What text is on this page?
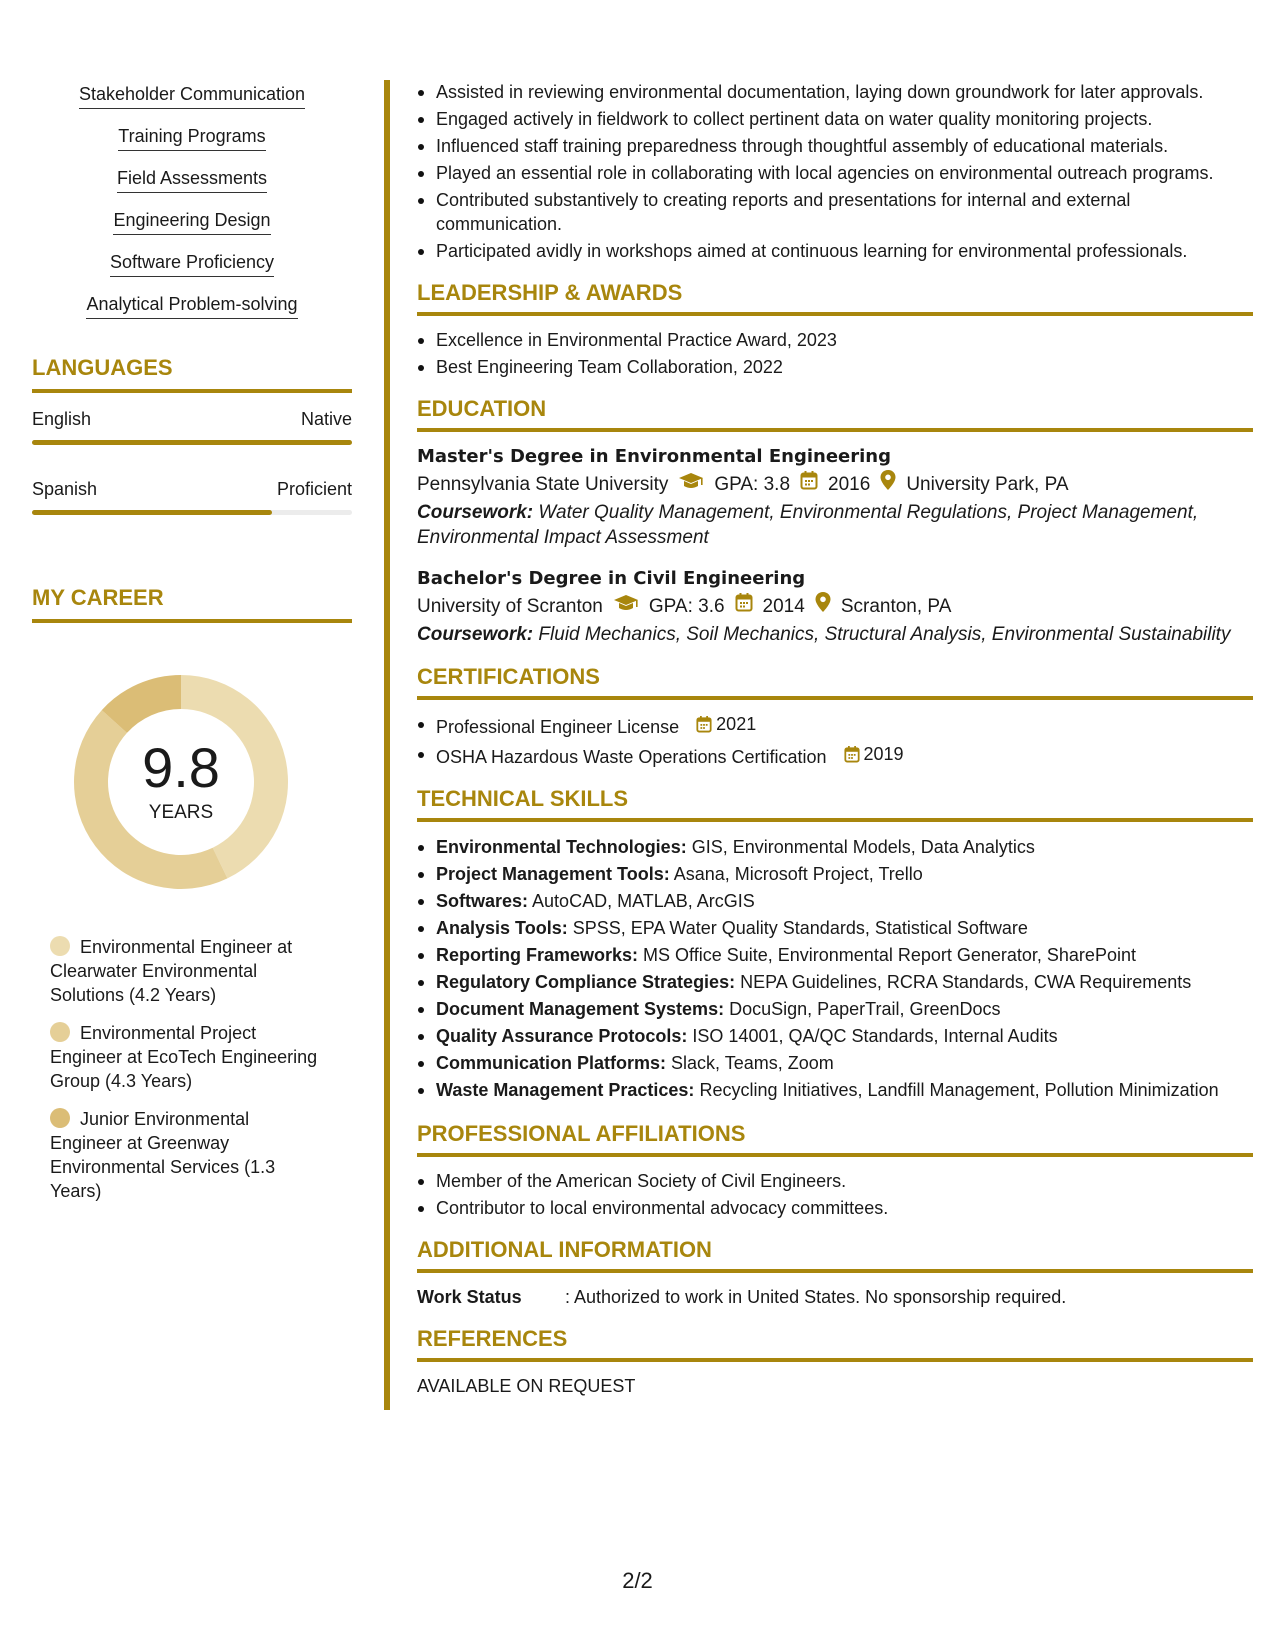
Stakeholder Communication
Training Programs
Field Assessments
Engineering Design
Software Proficiency
Analytical Problem-solving
LANGUAGES
English	Native
Spanish	Proficient
MY CAREER
9.8
YEARS
Environmental Engineer at Clearwater Environmental Solutions (4.2 Years)
Environmental Project Engineer at EcoTech Engineering Group (4.3 Years)
Junior Environmental Engineer at Greenway Environmental Services (1.3 Years)
Assisted in reviewing environmental documentation, laying down groundwork for later approvals.
Engaged actively in fieldwork to collect pertinent data on water quality monitoring projects.
Influenced staff training preparedness through thoughtful assembly of educational materials.
Played an essential role in collaborating with local agencies on environmental outreach programs.
Contributed substantively to creating reports and presentations for internal and external communication.
Participated avidly in workshops aimed at continuous learning for environmental professionals.
LEADERSHIP & AWARDS
Excellence in Environmental Practice Award, 2023
Best Engineering Team Collaboration, 2022
EDUCATION
Master's Degree in Environmental Engineering
Pennsylvania State University GPA: 3.8 2016 University Park, PA
Coursework: Water Quality Management, Environmental Regulations, Project Management, Environmental Impact Assessment
Bachelor's Degree in Civil Engineering
University of Scranton GPA: 3.6 2014 Scranton, PA
Coursework: Fluid Mechanics, Soil Mechanics, Structural Analysis, Environmental Sustainability
CERTIFICATIONS
Professional Engineer License 2021
OSHA Hazardous Waste Operations Certification 2019
TECHNICAL SKILLS
Environmental Technologies: GIS, Environmental Models, Data Analytics
Project Management Tools: Asana, Microsoft Project, Trello
Softwares: AutoCAD, MATLAB, ArcGIS
Analysis Tools: SPSS, EPA Water Quality Standards, Statistical Software
Reporting Frameworks: MS Office Suite, Environmental Report Generator, SharePoint
Regulatory Compliance Strategies: NEPA Guidelines, RCRA Standards, CWA Requirements
Document Management Systems: DocuSign, PaperTrail, GreenDocs
Quality Assurance Protocols: ISO 14001, QA/QC Standards, Internal Audits
Communication Platforms: Slack, Teams, Zoom
Waste Management Practices: Recycling Initiatives, Landfill Management, Pollution Minimization
PROFESSIONAL AFFILIATIONS
Member of the American Society of Civil Engineers.
Contributor to local environmental advocacy committees.
ADDITIONAL INFORMATION
Work Status : Authorized to work in United States. No sponsorship required.
REFERENCES
AVAILABLE ON REQUEST
2/2
